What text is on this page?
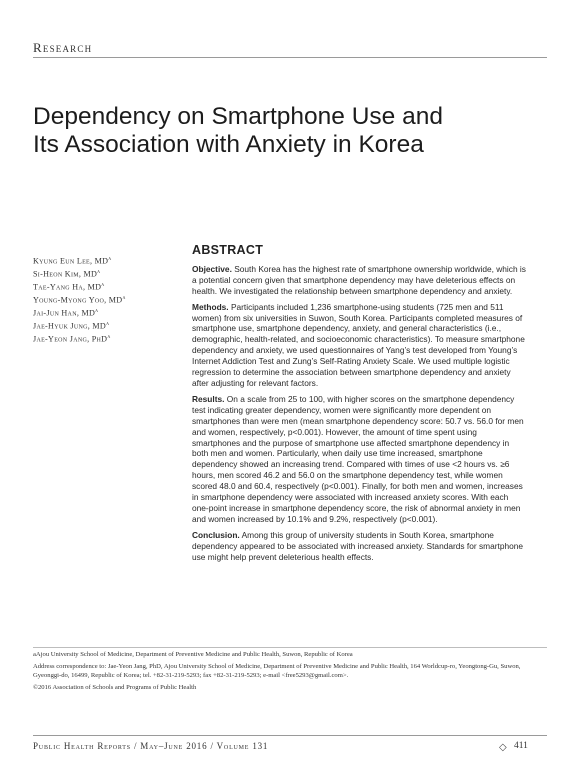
Research
Dependency on Smartphone Use and
Its Association with Anxiety in Korea
Kyung Eun Lee, $MD^a$
Si-Heon Kim, $MD^a$
Tae-Yang Ha, $MD^a$
Young-Myong Yoo, $MD^a$
Jai-Jun Han, $MD^a$
Jae-Hyuk Jung, $MD^a$
Jae-Yeon Jang, PhD$^a$
ABSTRACT

Objective. South Korea has the highest rate of smartphone ownership worldwide, which is a potential concern given that smartphone dependency may have deleterious effects on health. We investigated the relationship between smartphone dependency and anxiety.

Methods. Participants included 1,236 smartphone-using students (725 men and 511 women) from six universities in Suwon, South Korea. Participants completed measures of smartphone use, smartphone dependency, anxiety, and general characteristics (i.e., demographic, health-related, and socioeconomic characteristics). To measure smartphone dependency and anxiety, we used questionnaires of Yang’s test developed from Young’s Internet Addiction Test and Zung’s Self-Rating Anxiety Scale. We used multiple logistic regression to determine the association between smartphone dependency and anxiety after adjusting for relevant factors.

Results. On a scale from 25 to 100, with higher scores on the smartphone dependency test indicating greater dependency, women were significantly more dependent on smartphones than were men (mean smartphone dependency score: 50.7 vs. 56.0 for men and women, respectively, p<0.001). However, the amount of time spent using smartphones and the purpose of smartphone use affected smartphone dependency in both men and women. Particularly, when daily use time increased, smartphone dependency showed an increasing trend. Compared with times of use <2 hours vs. ≥6 hours, men scored 46.2 and 56.0 on the smartphone dependency test, while women scored 48.0 and 60.4, respectively (p<0.001). Finally, for both men and women, increases in smartphone dependency were associated with increased anxiety scores. With each one-point increase in smartphone dependency score, the risk of abnormal anxiety in men and women increased by 10.1% and 9.2%, respectively (p<0.001).

Conclusion. Among this group of university students in South Korea, smartphone dependency appeared to be associated with increased anxiety. Standards for smartphone use might help prevent deleterious health effects.

aAjou University School of Medicine, Department of Preventive Medicine and Public Health, Suwon, Republic of Korea

Address correspondence to: Jae-Yeon Jang, PhD, Ajou University School of Medicine, Department of Preventive Medicine and Public Health, 164 Worldcup-ro, Yeongtong-Gu, Suwon, Gyeonggi-do, 16499, Republic of Korea; tel. +82-31-219-5293; fax +82-31-219-5293; e-mail <free5293@gmail.com>.

©2016 Association of Schools and Programs of Public Health

Public Health Reports / May–June 2016 / Volume 131	◇ 411
